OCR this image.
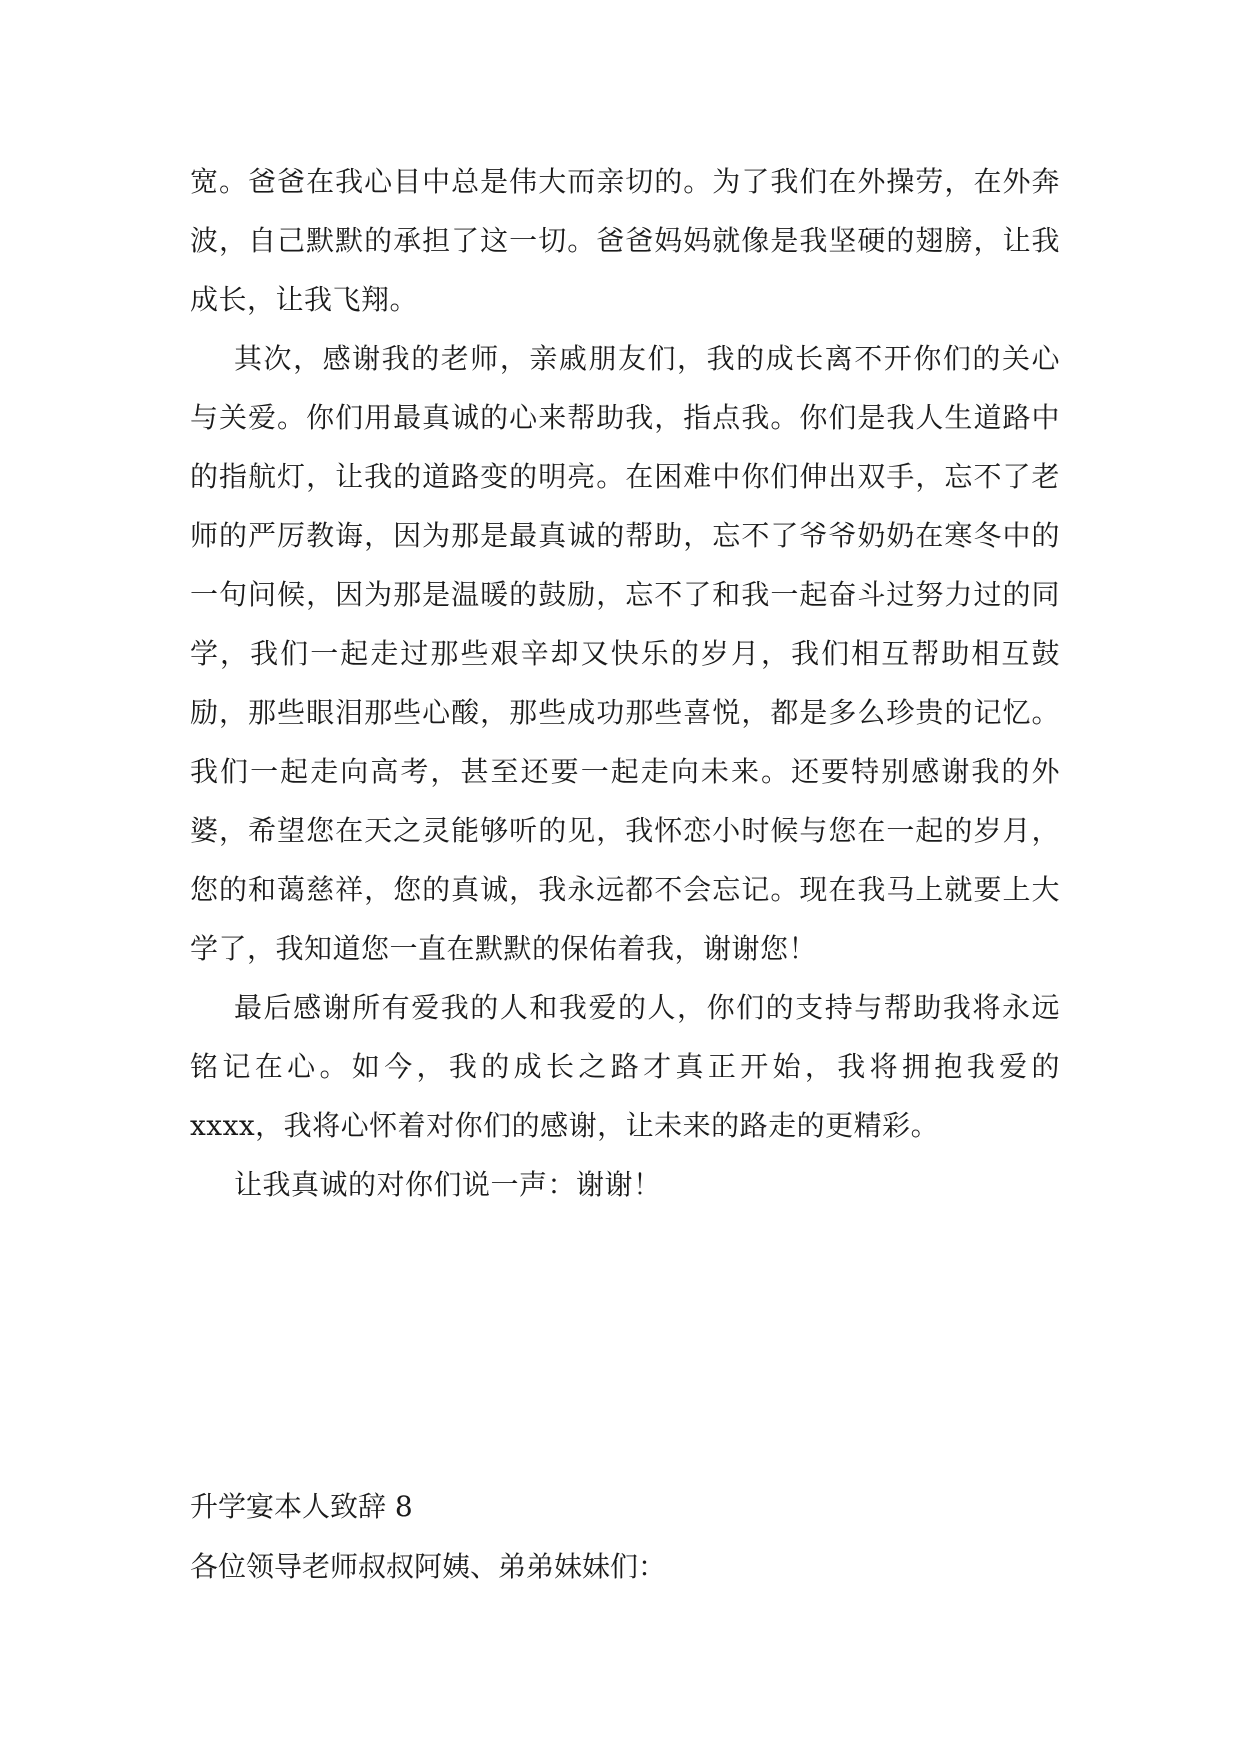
宽。爸爸在我心目中总是伟大而亲切的。为了我们在外操劳，在外奔波，自己默默的承担了这一切。爸爸妈妈就像是我坚硬的翅膀，让我成长，让我飞翔。

其次，感谢我的老师，亲戚朋友们，我的成长离不开你们的关心与关爱。你们用最真诚的心来帮助我，指点我。你们是我人生道路中的指航灯，让我的道路变的明亮。在困难中你们伸出双手，忘不了老师的严厉教诲，因为那是最真诚的帮助，忘不了爷爷奶奶在寒冬中的一句问候，因为那是温暖的鼓励，忘不了和我一起奋斗过努力过的同学，我们一起走过那些艰辛却又快乐的岁月，我们相互帮助相互鼓励，那些眼泪那些心酸，那些成功那些喜悦，都是多么珍贵的记忆。我们一起走向高考，甚至还要一起走向未来。还要特别感谢我的外婆，希望您在天之灵能够听的见，我怀恋小时候与您在一起的岁月，您的和蔼慈祥，您的真诚，我永远都不会忘记。现在我马上就要上大学了，我知道您一直在默默的保佑着我，谢谢您！

最后感谢所有爱我的人和我爱的人，你们的支持与帮助我将永远铭记在心。如今，我的成长之路才真正开始，我将拥抱我爱的 xxxx，我将心怀着对你们的感谢，让未来的路走的更精彩。

让我真诚的对你们说一声：谢谢！

升学宴本人致辞 8

各位领导老师叔叔阿姨、弟弟妹妹们：
